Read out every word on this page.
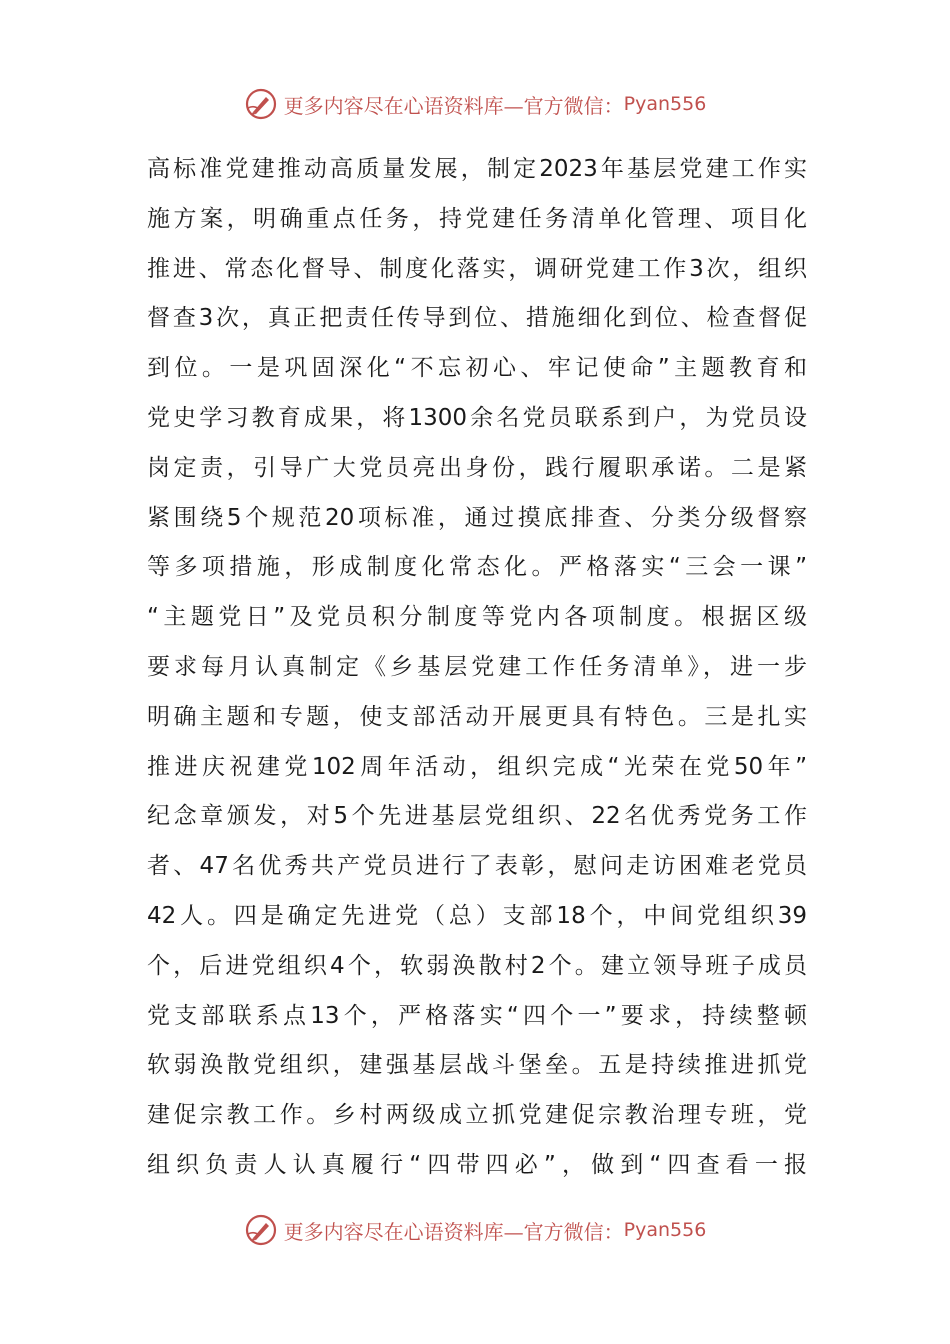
更多内容尽在心语资料库—官方微信： Pyan556
高标准党建推动高质量发展，制定2023年基层党建工作实
施方案，明确重点任务，持党建任务清单化管理、项目化
推进、常态化督导、制度化落实，调研党建工作3次，组织
督查3次，真正把责任传导到位、措施细化到位、检查督促
到位。一是巩固深化“不忘初心、牢记使命”主题教育和
党史学习教育成果，将1300余名党员联系到户，为党员设
岗定责，引导广大党员亮出身份，践行履职承诺。二是紧
紧围绕5个规范20项标准，通过摸底排查、分类分级督察
等多项措施，形成制度化常态化。严格落实“三会一课”
“主题党日”及党员积分制度等党内各项制度。根据区级
要求每月认真制定《乡基层党建工作任务清单》，进一步
明确主题和专题，使支部活动开展更具有特色。三是扎实
推进庆祝建党102周年活动，组织完成“光荣在党50年”
纪念章颁发，对5个先进基层党组织、22名优秀党务工作
者、47名优秀共产党员进行了表彰，慰问走访困难老党员
42人。四是确定先进党（总）支部18个，中间党组织39
个，后进党组织4个，软弱涣散村2个。建立领导班子成员
党支部联系点13个，严格落实“四个一”要求，持续整顿
软弱涣散党组织，建强基层战斗堡垒。五是持续推进抓党
建促宗教工作。乡村两级成立抓党建促宗教治理专班，党
组织负责人认真履行“四带四必”，做到“四查看一报
更多内容尽在心语资料库—官方微信： Pyan556
